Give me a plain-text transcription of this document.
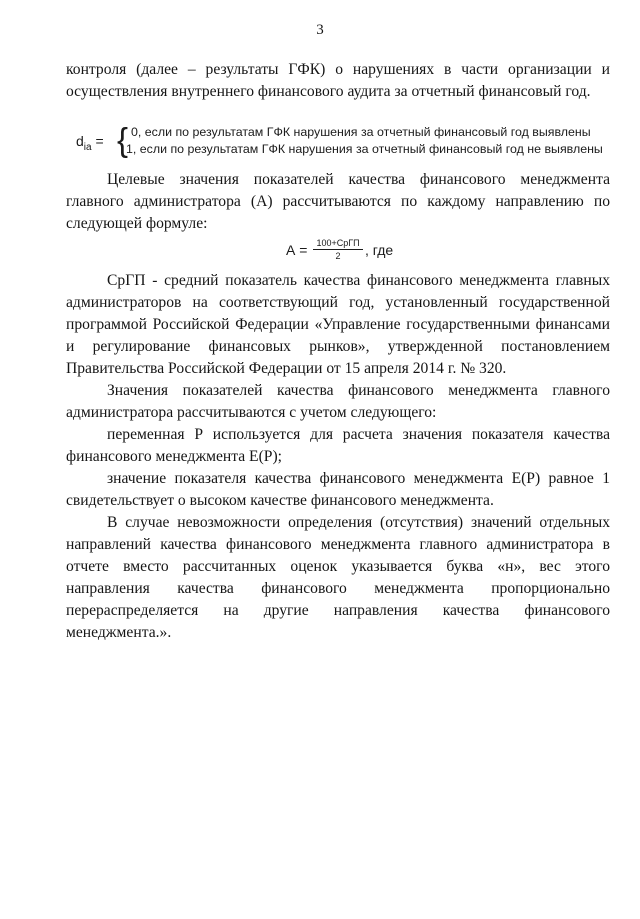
3

контроля (далее – результаты ГФК) о нарушениях в части организации и

осуществления внутреннего финансового аудита за отчетный финансовый год.

$d_{ia}$ = { 0, если по результатам ГФК нарушения за отчетный финансовый год выявлены
1, если по результатам ГФК нарушения за отчетный финансовый год не выявлены

Целевые значения показателей качества финансового менеджмента главного администратора (А) рассчитываются по каждому направлению по следующей формуле:

А =	100+СрГП
2	, где

СрГП - средний показатель качества финансового менеджмента главных администраторов на соответствующий год, установленный государственной программой Российской Федерации «Управление государственными финансами и регулирование финансовых рынков», утвержденной постановлением Правительства Российской Федерации от 15 апреля 2014 г. № 320.

Значения показателей качества финансового менеджмента главного администратора рассчитываются с учетом следующего:

переменная Р используется для расчета значения показателя качества финансового менеджмента Е(Р);

значение показателя качества финансового менеджмента Е(Р) равное 1 свидетельствует о высоком качестве финансового менеджмента.

В случае невозможности определения (отсутствия) значений отдельных направлений качества финансового менеджмента главного администратора в отчете вместо рассчитанных оценок указывается буква «н», вес этого направления качества финансового менеджмента пропорционально перераспределяется на другие направления качества финансового менеджмента.».
